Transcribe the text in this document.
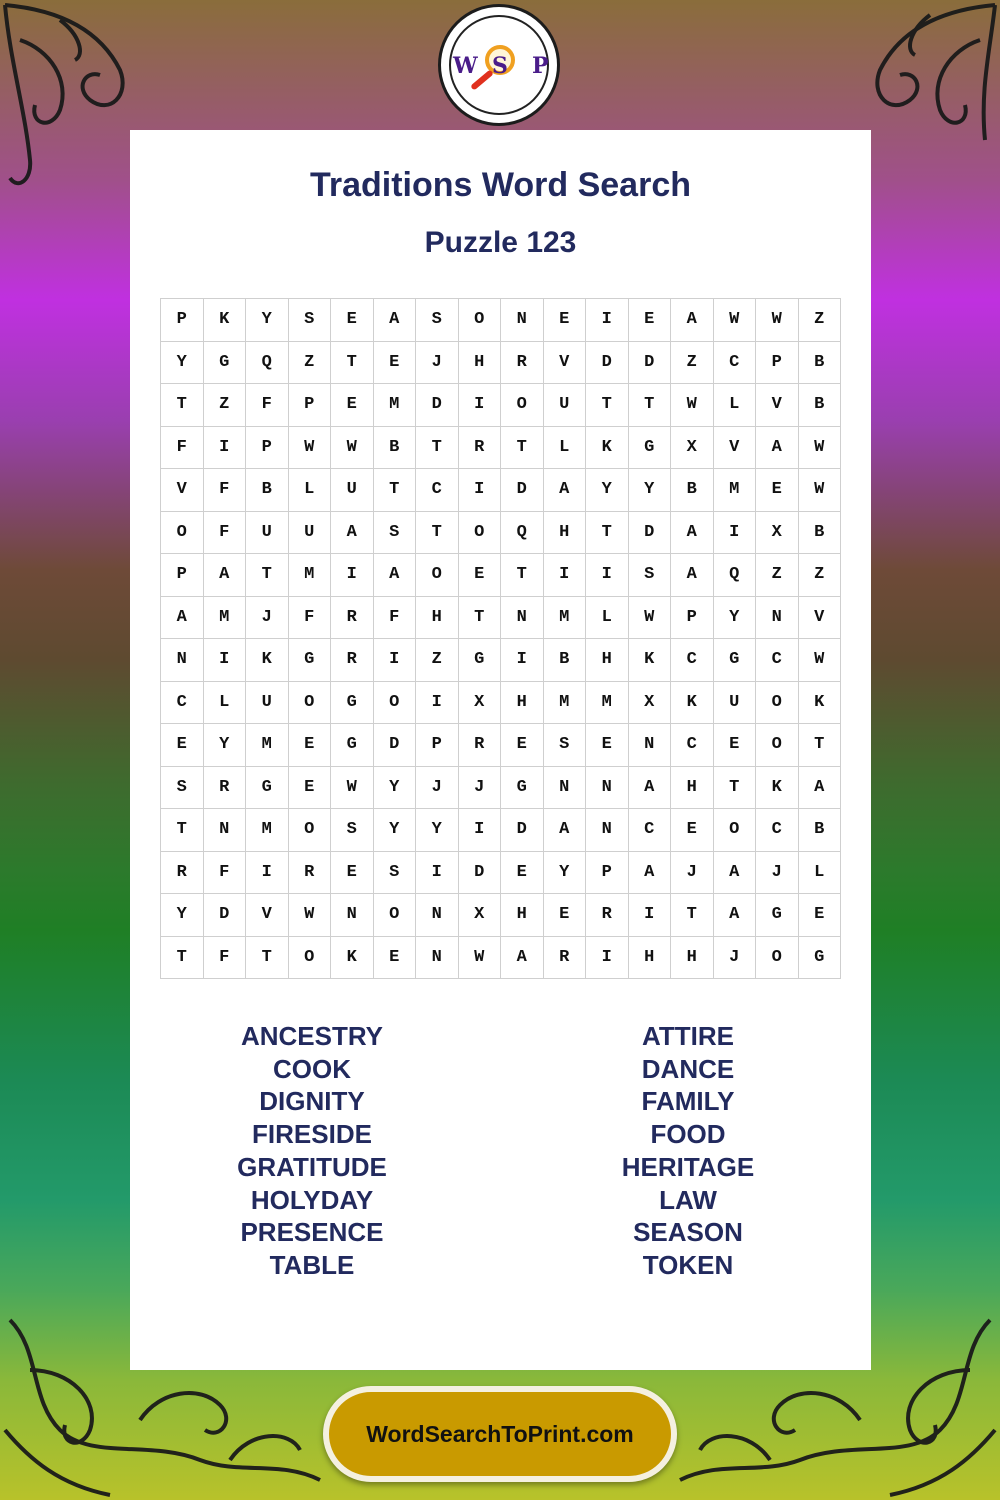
W S P
Traditions Word Search
Puzzle 123
P	K	Y	S	E	A	S	O	N	E	I	E	A	W	W	Z
Y	G	Q	Z	T	E	J	H	R	V	D	D	Z	C	P	B
T	Z	F	P	E	M	D	I	O	U	T	T	W	L	V	B
F	I	P	W	W	B	T	R	T	L	K	G	X	V	A	W
V	F	B	L	U	T	C	I	D	A	Y	Y	B	M	E	W
O	F	U	U	A	S	T	O	Q	H	T	D	A	I	X	B
P	A	T	M	I	A	O	E	T	I	I	S	A	Q	Z	Z
A	M	J	F	R	F	H	T	N	M	L	W	P	Y	N	V
N	I	K	G	R	I	Z	G	I	B	H	K	C	G	C	W
C	L	U	O	G	O	I	X	H	M	M	X	K	U	O	K
E	Y	M	E	G	D	P	R	E	S	E	N	C	E	O	T
S	R	G	E	W	Y	J	J	G	N	N	A	H	T	K	A
T	N	M	O	S	Y	Y	I	D	A	N	C	E	O	C	B
R	F	I	R	E	S	I	D	E	Y	P	A	J	A	J	L
Y	D	V	W	N	O	N	X	H	E	R	I	T	A	G	E
T	F	T	O	K	E	N	W	A	R	I	H	H	J	O	G
ANCESTRY
COOK
DIGNITY
FIRESIDE
GRATITUDE
HOLYDAY
PRESENCE
TABLE
ATTIRE
DANCE
FAMILY
FOOD
HERITAGE
LAW
SEASON
TOKEN
WordSearchToPrint.com
